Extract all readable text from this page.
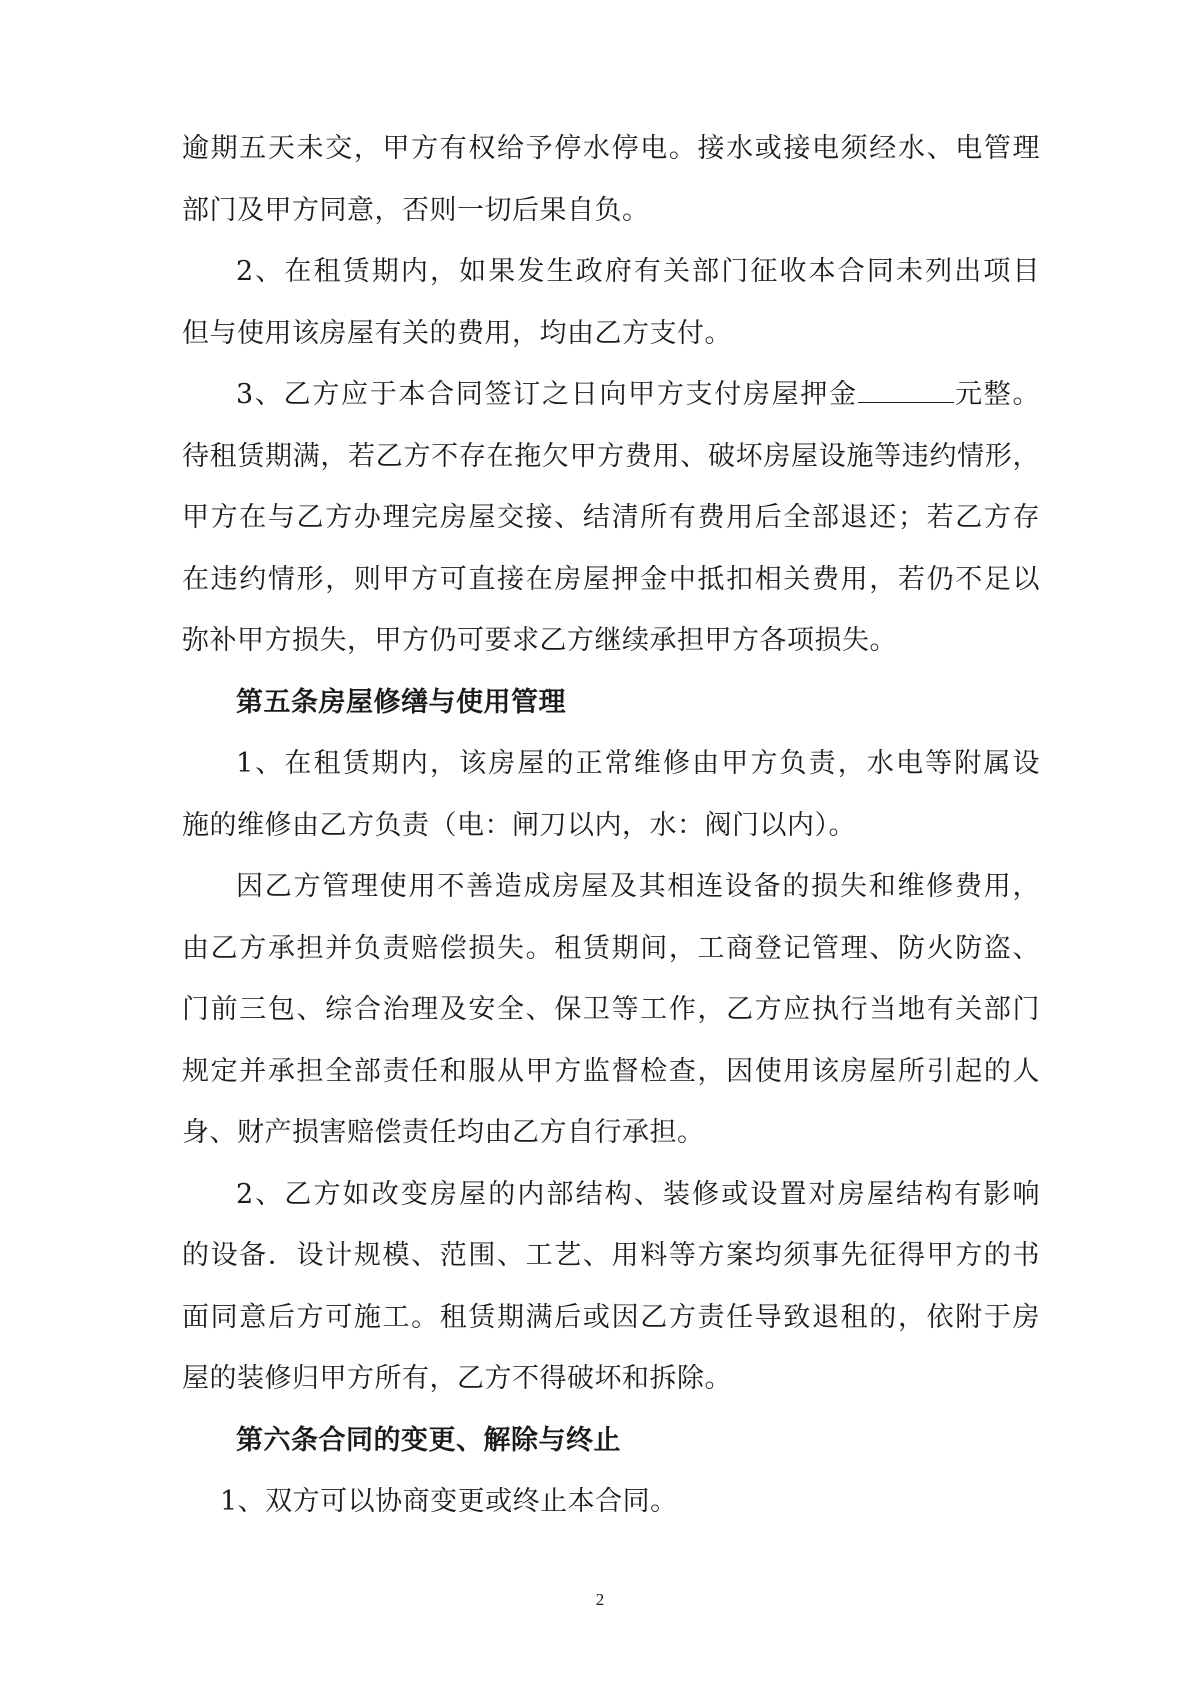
逾期五天未交，甲方有权给予停水停电。接水或接电须经水、电管理
部门及甲方同意，否则一切后果自负。
2、在租赁期内，如果发生政府有关部门征收本合同未列出项目
但与使用该房屋有关的费用，均由乙方支付。
3、乙方应于本合同签订之日向甲方支付房屋押金	元整。
待租赁期满，若乙方不存在拖欠甲方费用、破坏房屋设施等违约情形，
甲方在与乙方办理完房屋交接、结清所有费用后全部退还；若乙方存
在违约情形，则甲方可直接在房屋押金中抵扣相关费用，若仍不足以
弥补甲方损失，甲方仍可要求乙方继续承担甲方各项损失。
第五条房屋修缮与使用管理
1、在租赁期内，该房屋的正常维修由甲方负责，水电等附属设
施的维修由乙方负责（电：闸刀以内，水：阀门以内）。
因乙方管理使用不善造成房屋及其相连设备的损失和维修费用，
由乙方承担并负责赔偿损失。租赁期间，工商登记管理、防火防盗、
门前三包、综合治理及安全、保卫等工作，乙方应执行当地有关部门
规定并承担全部责任和服从甲方监督检查，因使用该房屋所引起的人
身、财产损害赔偿责任均由乙方自行承担。
2、乙方如改变房屋的内部结构、装修或设置对房屋结构有影响
的设备．设计规模、范围、工艺、用料等方案均须事先征得甲方的书
面同意后方可施工。租赁期满后或因乙方责任导致退租的，依附于房
屋的装修归甲方所有，乙方不得破坏和拆除。
第六条合同的变更、解除与终止
1、双方可以协商变更或终止本合同。
2
